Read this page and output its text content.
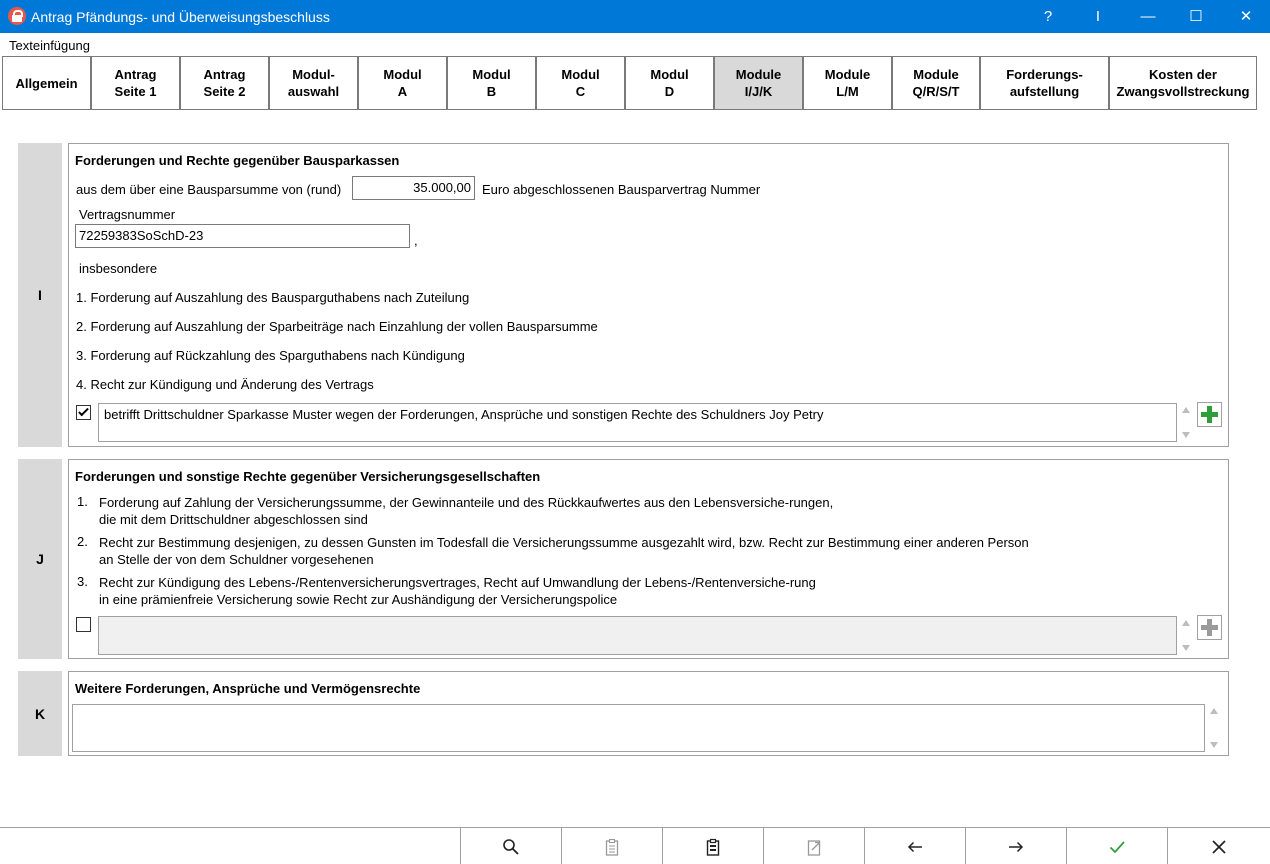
Antrag Pfändungs- und Überweisungsbeschluss	?	I	—	☐	✕
Texteinfügung
Allgemein
Antrag
Seite 1
Antrag
Seite 2
Modul-
auswahl
Modul
A
Modul
B
Modul
C
Modul
D
Module
I/J/K
Module
L/M
Module
Q/R/S/T
Forderungs-
aufstellung
Kosten der
Zwangsvollstreckung
I
Forderungen und Rechte gegenüber Bausparkassen
aus dem über eine Bausparsumme von (rund)	35.000,00 Euro abgeschlossenen Bausparvertrag Nummer
Vertragsnummer
72259383SoSchD-23	,
insbesondere
1. Forderung auf Auszahlung des Bausparguthabens nach Zuteilung
2. Forderung auf Auszahlung der Sparbeiträge nach Einzahlung der vollen Bausparsumme
3. Forderung auf Rückzahlung des Sparguthabens nach Kündigung
4. Recht zur Kündigung und Änderung des Vertrags
betrifft Drittschuldner Sparkasse Muster wegen der Forderungen, Ansprüche und sonstigen Rechte des Schuldners Joy Petry
J
Forderungen und sonstige Rechte gegenüber Versicherungsgesellschaften
1. Forderung auf Zahlung der Versicherungssumme, der Gewinnanteile und des Rückkaufwertes aus den Lebensversiche-rungen,
die mit dem Drittschuldner abgeschlossen sind
2. Recht zur Bestimmung desjenigen, zu dessen Gunsten im Todesfall die Versicherungssumme ausgezahlt wird, bzw. Recht zur Bestimmung einer anderen Person
an Stelle der von dem Schuldner vorgesehenen
3. Recht zur Kündigung des Lebens-/Rentenversicherungsvertrages, Recht auf Umwandlung der Lebens-/Rentenversiche-rung
in eine prämienfreie Versicherung sowie Recht zur Aushändigung der Versicherungspolice
K
Weitere Forderungen, Ansprüche und Vermögensrechte
